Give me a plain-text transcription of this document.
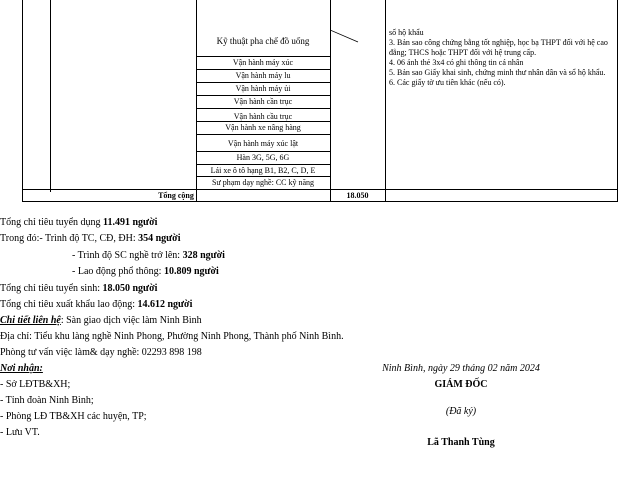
Kỹ thuật pha chế đồ uống
Vận hành máy xúc
Vận hành máy lu
Vận hành máy ủi
Vận hành cần trục
Vận hành cầu trục
Vận hành xe nâng hàng
Vận hành máy xúc lật
Hàn 3G, 5G, 6G
Lái xe ô tô hạng B1, B2, C, D, E
Sư phạm dạy nghề: CC kỹ năng
số hộ khẩu
3. Bản sao công chứng bằng tốt nghiệp, học bạ THPT đối với hệ cao đẳng; THCS hoặc THPT đối với hệ trung cấp.
4. 06 ảnh thẻ 3x4 có ghi thông tin cá nhân
5. Bản sao Giấy khai sinh, chứng minh thư nhân dân và sổ hộ khẩu.
6. Các giấy tờ ưu tiên khác (nếu có).
Tổng cộng	18.050
Tổng chỉ tiêu tuyển dụng 11.491 người
Trong đó:- Trình độ TC, CĐ, ĐH: 354 người
- Trình độ SC nghề trở lên: 328 người
- Lao động phổ thông: 10.809 người
Tổng chỉ tiêu tuyển sinh: 18.050 người
Tổng chỉ tiêu xuất khẩu lao động: 14.612 người
Chi tiết liên hệ: Sàn giao dịch việc làm Ninh Bình
Địa chỉ: Tiểu khu làng nghề Ninh Phong, Phường Ninh Phong, Thành phố Ninh Bình.
Phòng tư vấn việc làm& dạy nghề: 02293 898 198
Nơi nhận:
- Sở LĐTB&XH;
- Tỉnh đoàn Ninh Bình;
- Phòng LĐ TB&XH các huyện, TP;
- Lưu VT.
Ninh Bình, ngày 29 tháng 02 năm 2024
GIÁM ĐỐC
(Đã ký)
Lã Thanh Tùng
